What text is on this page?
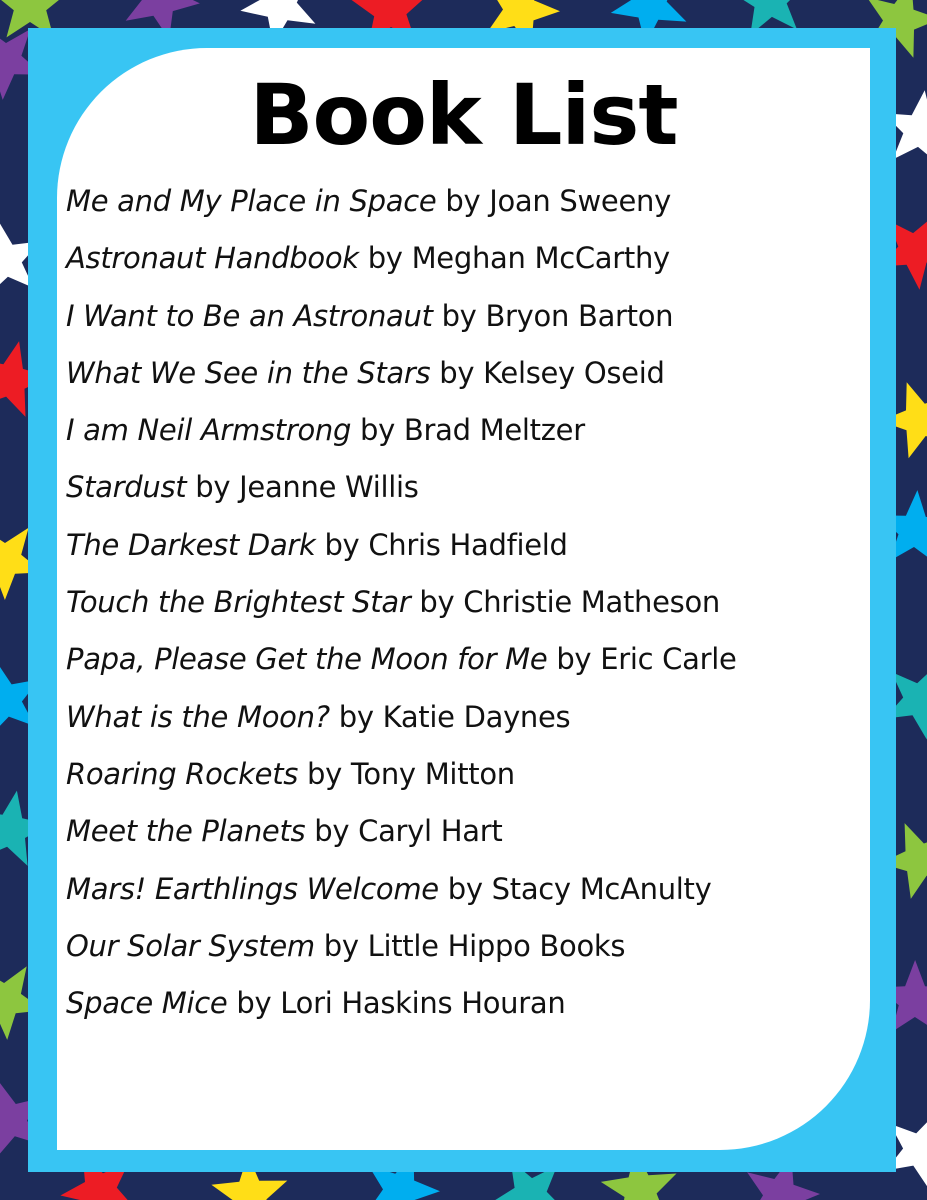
Book List
Me and My Place in Space by Joan Sweeny
Astronaut Handbook by Meghan McCarthy
I Want to Be an Astronaut by Bryon Barton
What We See in the Stars by Kelsey Oseid
I am Neil Armstrong by Brad Meltzer
Stardust by Jeanne Willis
The Darkest Dark by Chris Hadfield
Touch the Brightest Star by Christie Matheson
Papa, Please Get the Moon for Me by Eric Carle
What is the Moon? by Katie Daynes
Roaring Rockets by Tony Mitton
Meet the Planets by Caryl Hart
Mars! Earthlings Welcome by Stacy McAnulty
Our Solar System by Little Hippo Books
Space Mice by Lori Haskins Houran
